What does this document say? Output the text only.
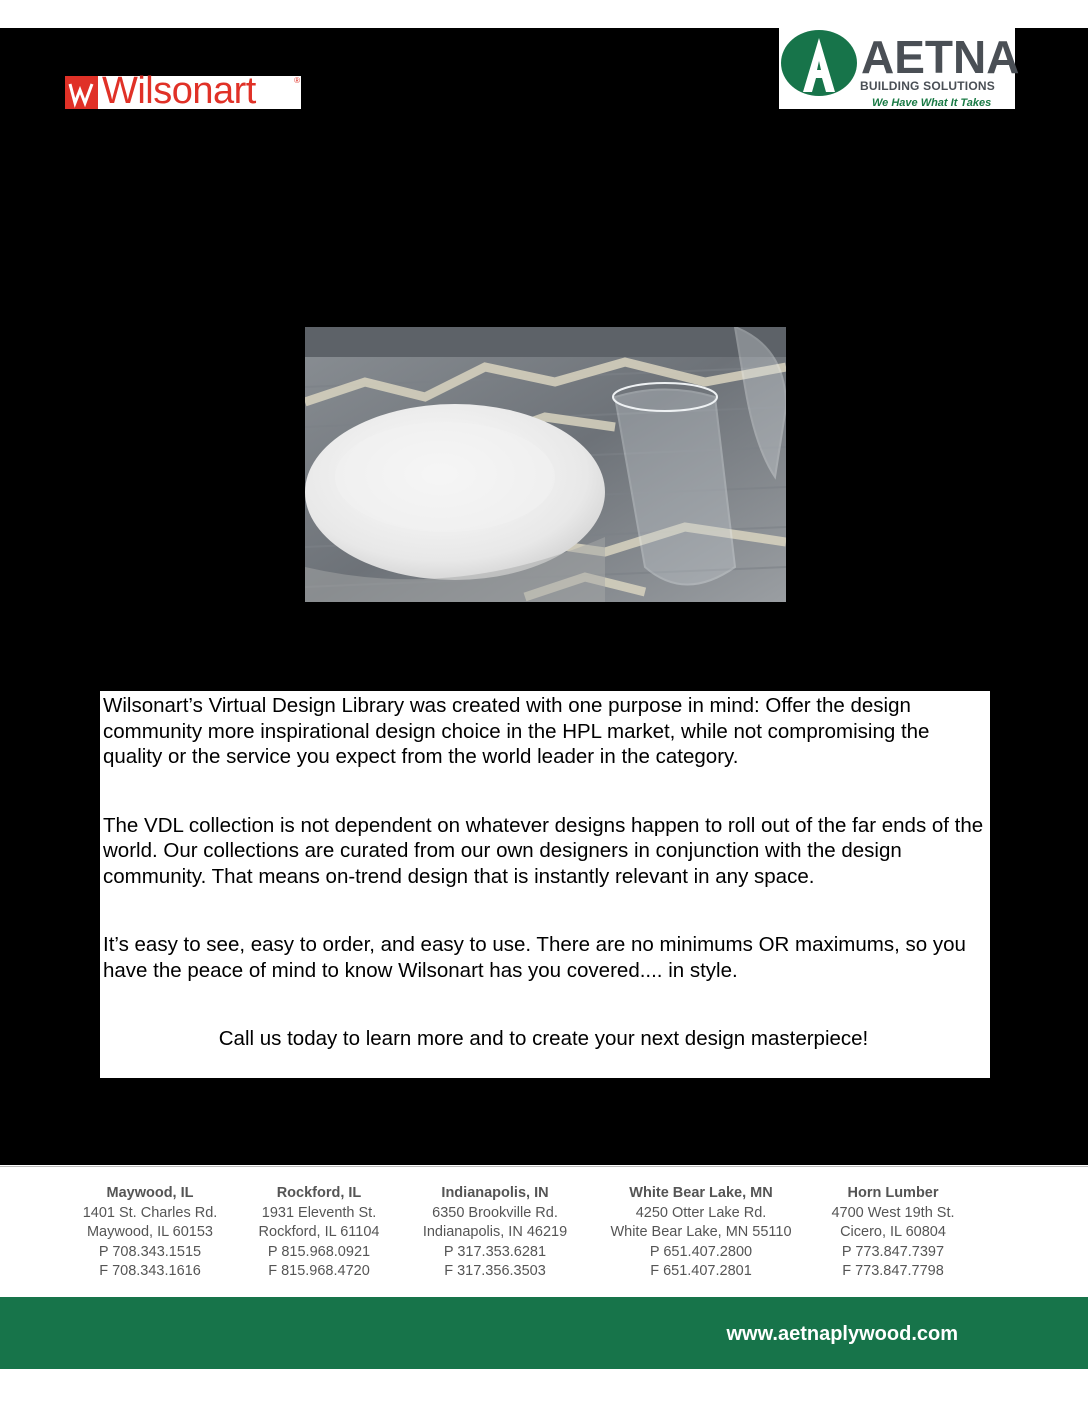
Wilsonart	®	AETNA
BUILDING SOLUTIONS
We Have What It Takes

Wilsonart’s Virtual Design Library was created with one purpose in mind: Offer the design community more inspirational design choice in the HPL market, while not compromising the quality or the service you expect from the world leader in the category.

The VDL collection is not dependent on whatever designs happen to roll out of the far ends of the world. Our collections are curated from our own designers in conjunction with the design community. That means on-trend design that is instantly relevant in any space.

It’s easy to see, easy to order, and easy to use. There are no minimums OR maximums, so you have the peace of mind to know Wilsonart has you covered.... in style.

Call us today to learn more and to create your next design masterpiece!

Maywood, IL
1401 St. Charles Rd.
Maywood, IL 60153
P 708.343.1515
F 708.343.1616
Rockford, IL
1931 Eleventh St.
Rockford, IL 61104
P 815.968.0921
F 815.968.4720
Indianapolis, IN
6350 Brookville Rd.
Indianapolis, IN 46219
P 317.353.6281
F 317.356.3503
White Bear Lake, MN
4250 Otter Lake Rd.
White Bear Lake, MN 55110
P 651.407.2800
F 651.407.2801
Horn Lumber
4700 West 19th St.
Cicero, IL 60804
P 773.847.7397
F 773.847.7798
www.aetnaplywood.com
